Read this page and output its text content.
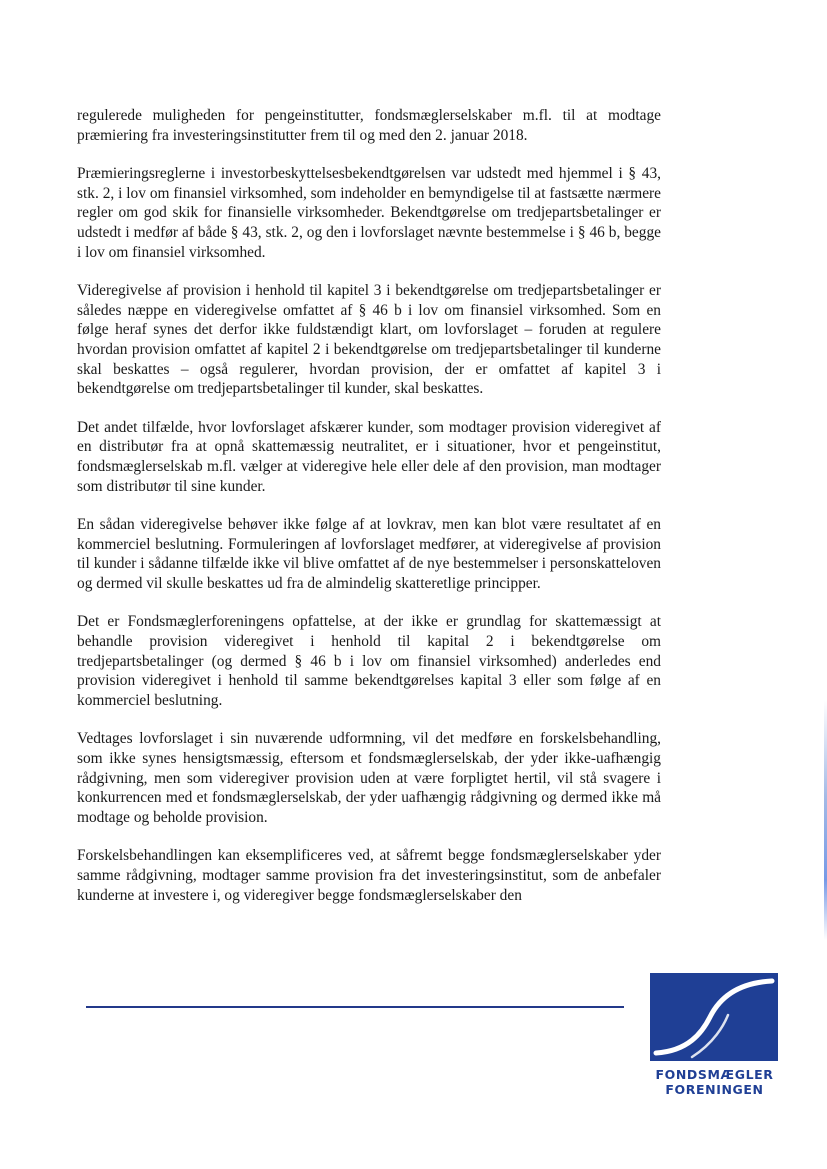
regulerede muligheden for pengeinstitutter, fondsmæglerselskaber m.fl. til at modtage præmiering fra investeringsinstitutter frem til og med den 2. januar 2018.

Præmieringsreglerne i investorbeskyttelsesbekendtgørelsen var udstedt med hjemmel i § 43, stk. 2, i lov om finansiel virksomhed, som indeholder en bemyndigelse til at fastsætte nærmere regler om god skik for finansielle virksomheder. Bekendtgørelse om tredjepartsbetalinger er udstedt i medfør af både § 43, stk. 2, og den i lovforslaget nævnte bestemmelse i § 46 b, begge i lov om finansiel virksomhed.

Videregivelse af provision i henhold til kapitel 3 i bekendtgørelse om tredjepartsbetalinger er således næppe en videregivelse omfattet af § 46 b i lov om finansiel virksomhed. Som en følge heraf synes det derfor ikke fuldstændigt klart, om lovforslaget – foruden at regulere hvordan provision omfattet af kapitel 2 i bekendtgørelse om tredjepartsbetalinger til kunderne skal beskattes – også regulerer, hvordan provision, der er omfattet af kapitel 3 i bekendtgørelse om tredjepartsbetalinger til kunder, skal beskattes.

Det andet tilfælde, hvor lovforslaget afskærer kunder, som modtager provision videregivet af en distributør fra at opnå skattemæssig neutralitet, er i situationer, hvor et pengeinstitut, fondsmæglerselskab m.fl. vælger at videregive hele eller dele af den provision, man modtager som distributør til sine kunder.

En sådan videregivelse behøver ikke følge af at lovkrav, men kan blot være resultatet af en kommerciel beslutning. Formuleringen af lovforslaget medfører, at videregivelse af provision til kunder i sådanne tilfælde ikke vil blive omfattet af de nye bestemmelser i personskatteloven og dermed vil skulle beskattes ud fra de almindelig skatteretlige principper.

Det er Fondsmæglerforeningens opfattelse, at der ikke er grundlag for skattemæssigt at behandle provision videregivet i henhold til kapital 2 i bekendtgørelse om tredjepartsbetalinger (og dermed § 46 b i lov om finansiel virksomhed) anderledes end provision videregivet i henhold til samme bekendtgørelses kapital 3 eller som følge af en kommerciel beslutning.

Vedtages lovforslaget i sin nuværende udformning, vil det medføre en forskelsbehandling, som ikke synes hensigtsmæssig, eftersom et fondsmæglerselskab, der yder ikke-uafhængig rådgivning, men som videregiver provision uden at være forpligtet hertil, vil stå svagere i konkurrencen med et fondsmæglerselskab, der yder uafhængig rådgivning og dermed ikke må modtage og beholde provision.

Forskelsbehandlingen kan eksemplificeres ved, at såfremt begge fondsmæglerselskaber yder samme rådgivning, modtager samme provision fra det investeringsinstitut, som de anbefaler kunderne at investere i, og videregiver begge fondsmæglerselskaber den

FONDSMÆGLER
FORENINGEN
